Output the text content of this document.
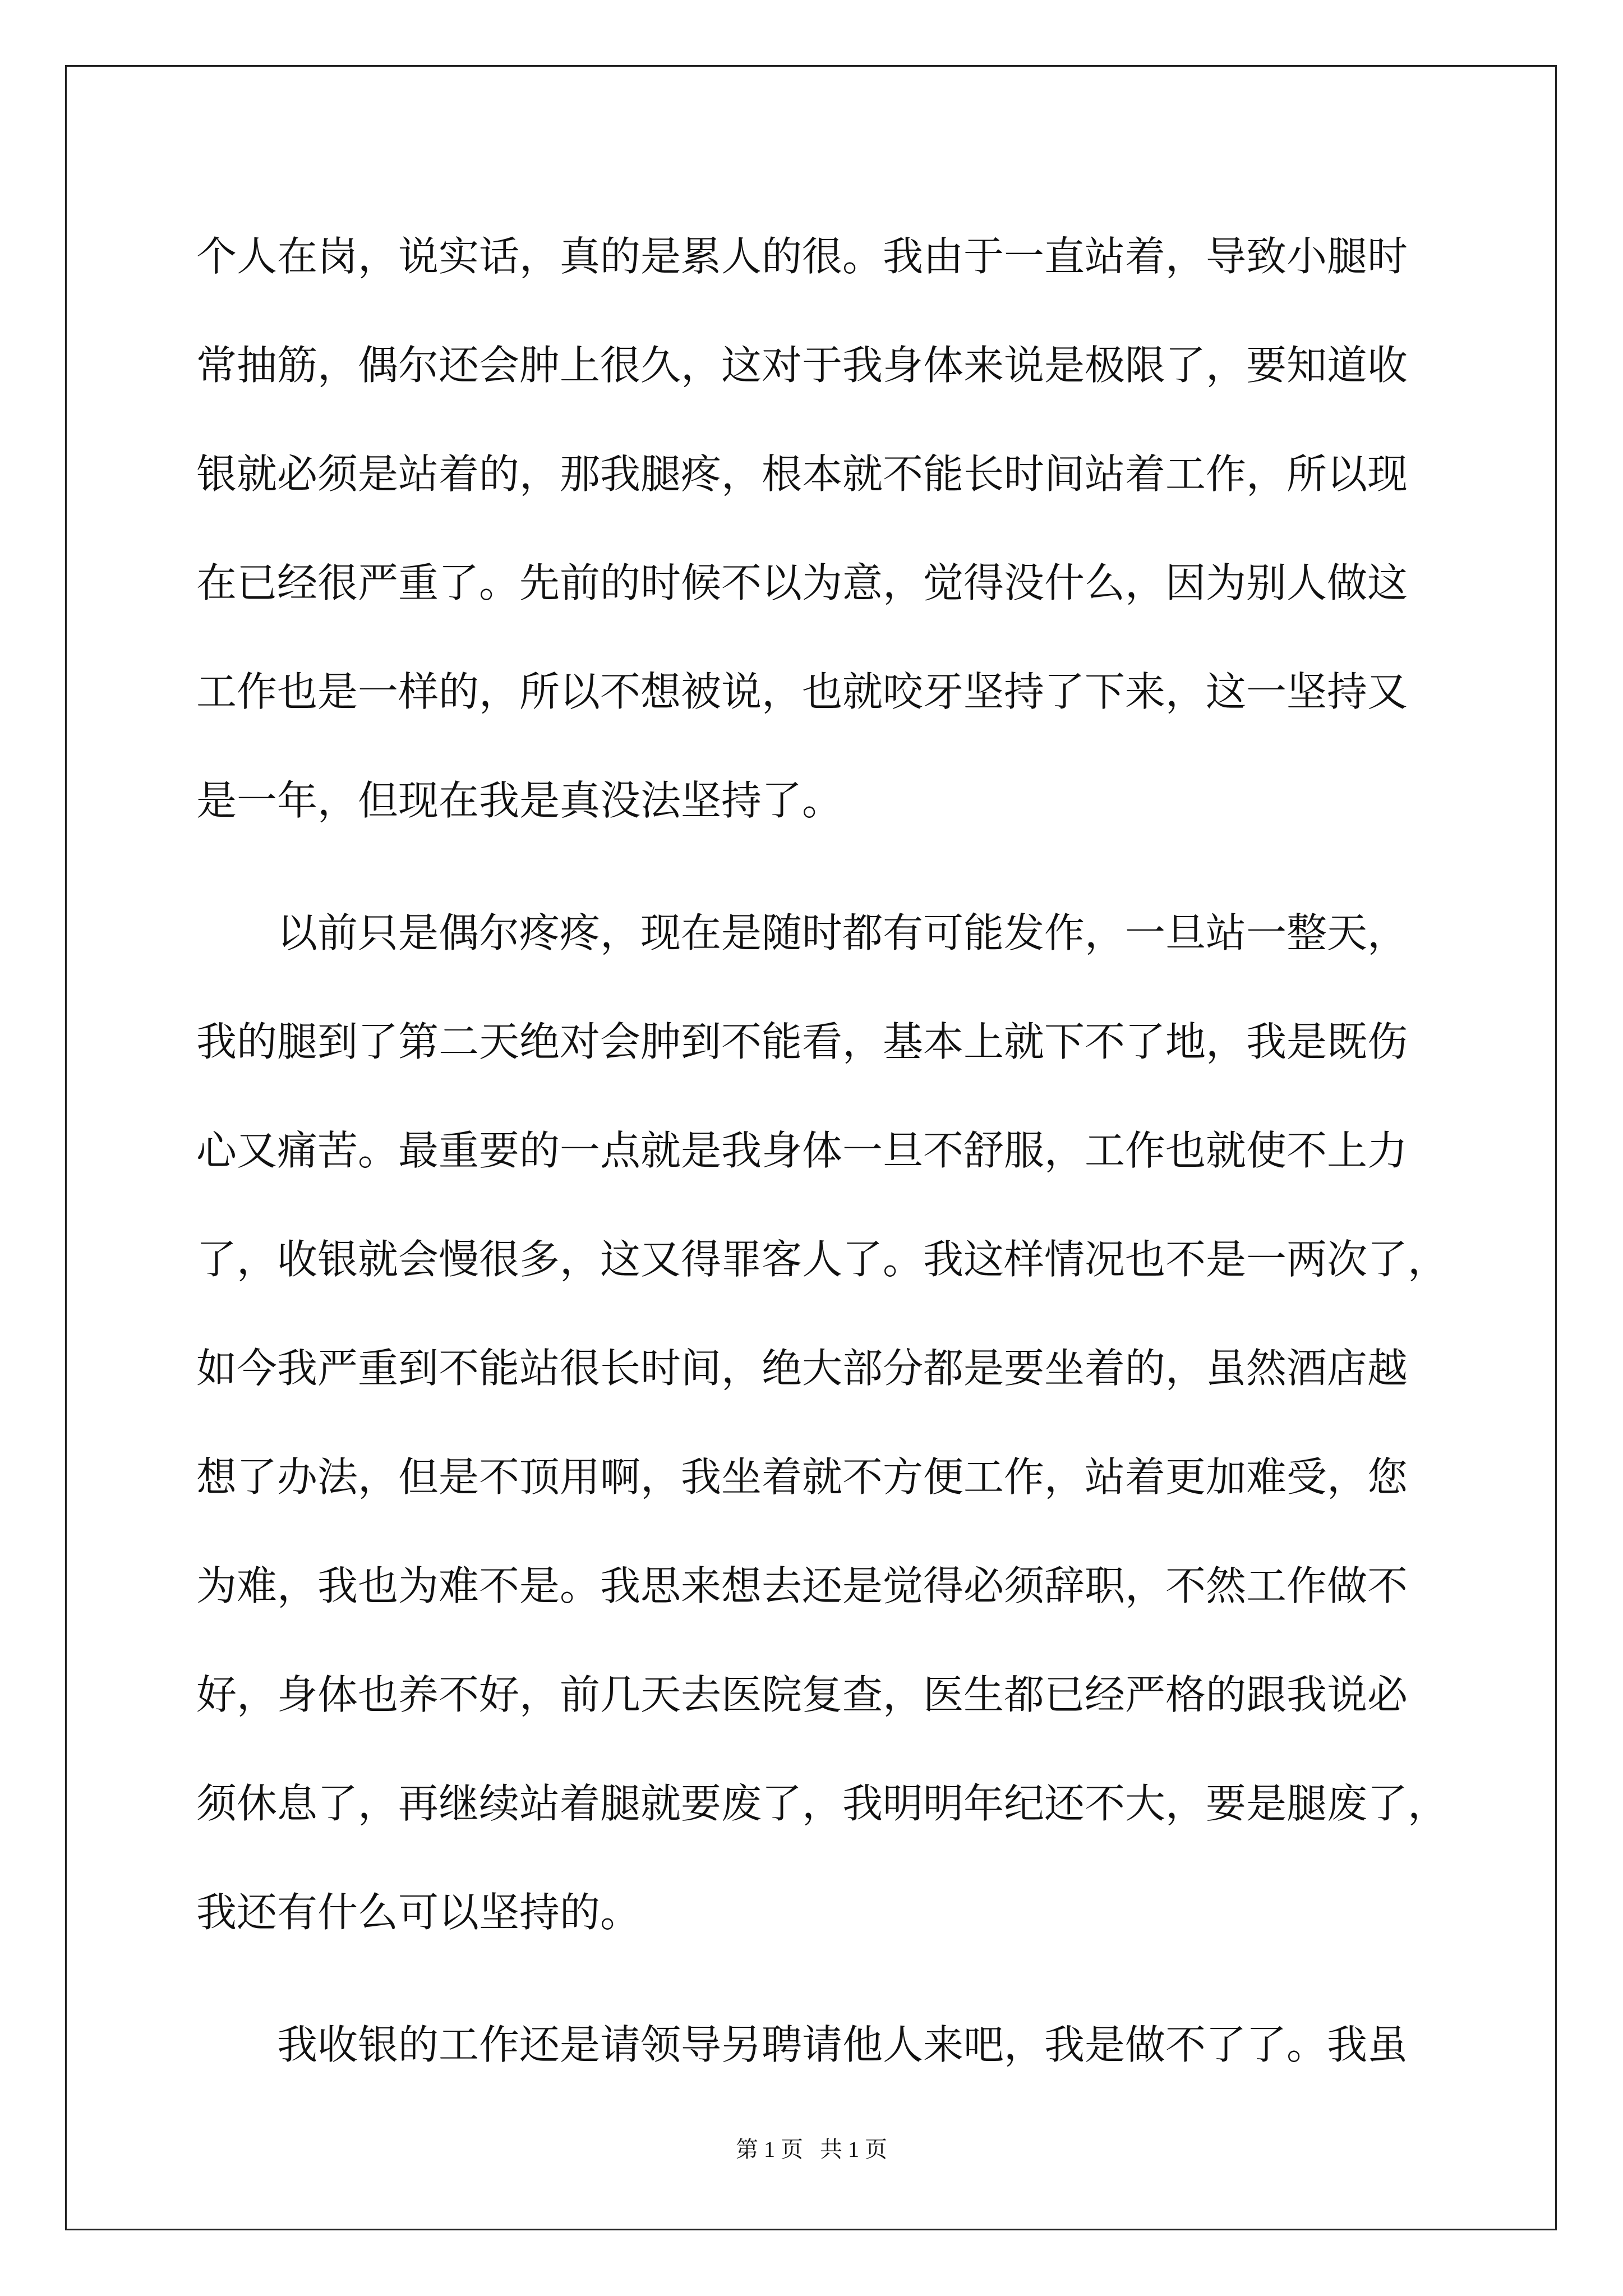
个人在岗，说实话，真的是累人的很。我由于一直站着，导致小腿时
常抽筋，偶尔还会肿上很久，这对于我身体来说是极限了，要知道收
银就必须是站着的，那我腿疼，根本就不能长时间站着工作，所以现
在已经很严重了。先前的时候不以为意，觉得没什么，因为别人做这
工作也是一样的，所以不想被说，也就咬牙坚持了下来，这一坚持又
是一年，但现在我是真没法坚持了。
　　以前只是偶尔疼疼，现在是随时都有可能发作，一旦站一整天，
我的腿到了第二天绝对会肿到不能看，基本上就下不了地，我是既伤
心又痛苦。最重要的一点就是我身体一旦不舒服，工作也就使不上力
了，收银就会慢很多，这又得罪客人了。我这样情况也不是一两次了，
如今我严重到不能站很长时间，绝大部分都是要坐着的，虽然酒店越
想了办法，但是不顶用啊，我坐着就不方便工作，站着更加难受，您
为难，我也为难不是。我思来想去还是觉得必须辞职，不然工作做不
好，身体也养不好，前几天去医院复查，医生都已经严格的跟我说必
须休息了，再继续站着腿就要废了，我明明年纪还不大，要是腿废了，
我还有什么可以坚持的。
　　我收银的工作还是请领导另聘请他人来吧，我是做不了了。我虽
第 1 页   共 1 页
